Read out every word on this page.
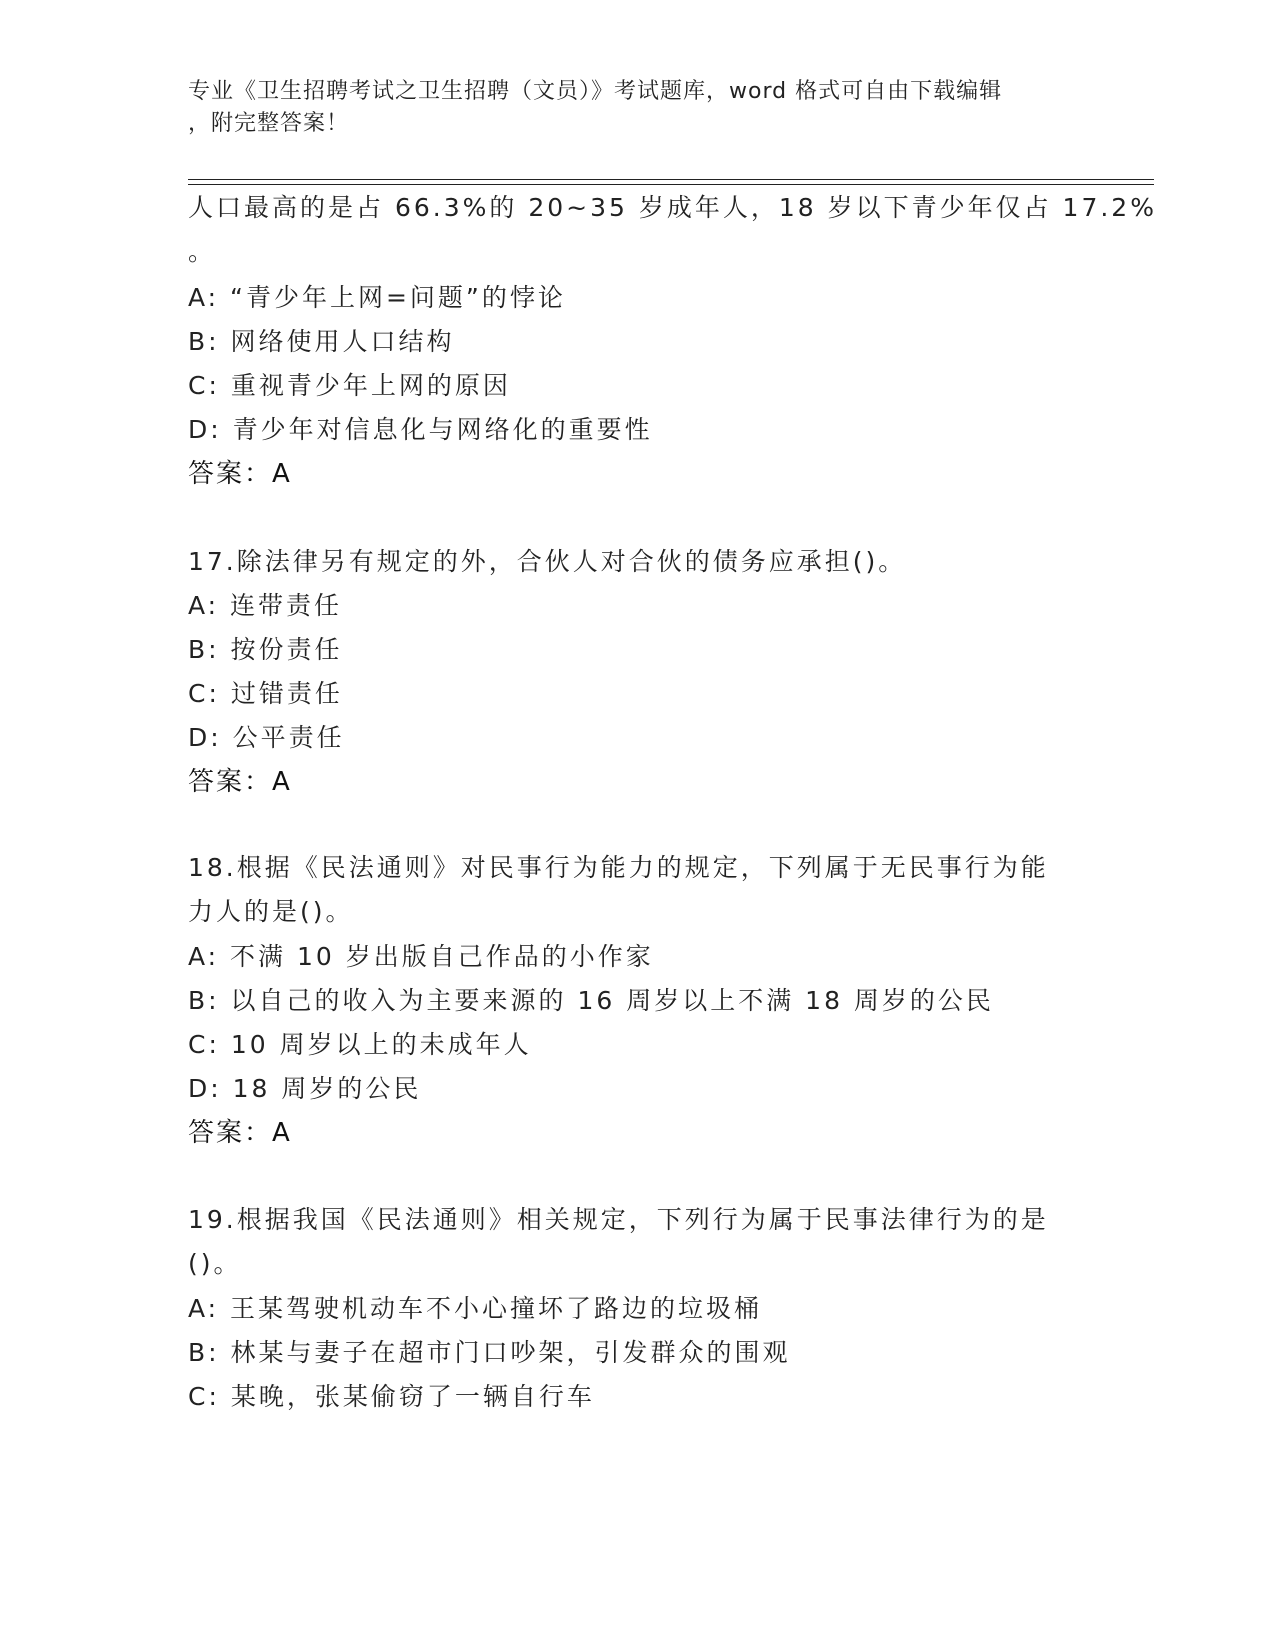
专业《卫生招聘考试之卫生招聘（文员）》考试题库，word 格式可自由下载编辑
，附完整答案！
人口最高的是占 66.3%的 20~35 岁成年人，18 岁以下青少年仅占 17.2%
。
A: “青少年上网=问题”的悖论
B: 网络使用人口结构
C: 重视青少年上网的原因
D: 青少年对信息化与网络化的重要性
答案：A
17.除法律另有规定的外，合伙人对合伙的债务应承担()。
A: 连带责任
B: 按份责任
C: 过错责任
D: 公平责任
答案：A
18.根据《民法通则》对民事行为能力的规定，下列属于无民事行为能
力人的是()。
A: 不满 10 岁出版自己作品的小作家
B: 以自己的收入为主要来源的 16 周岁以上不满 18 周岁的公民
C: 10 周岁以上的未成年人
D: 18 周岁的公民
答案：A
19.根据我国《民法通则》相关规定，下列行为属于民事法律行为的是
()。
A: 王某驾驶机动车不小心撞坏了路边的垃圾桶
B: 林某与妻子在超市门口吵架，引发群众的围观
C: 某晚，张某偷窃了一辆自行车
